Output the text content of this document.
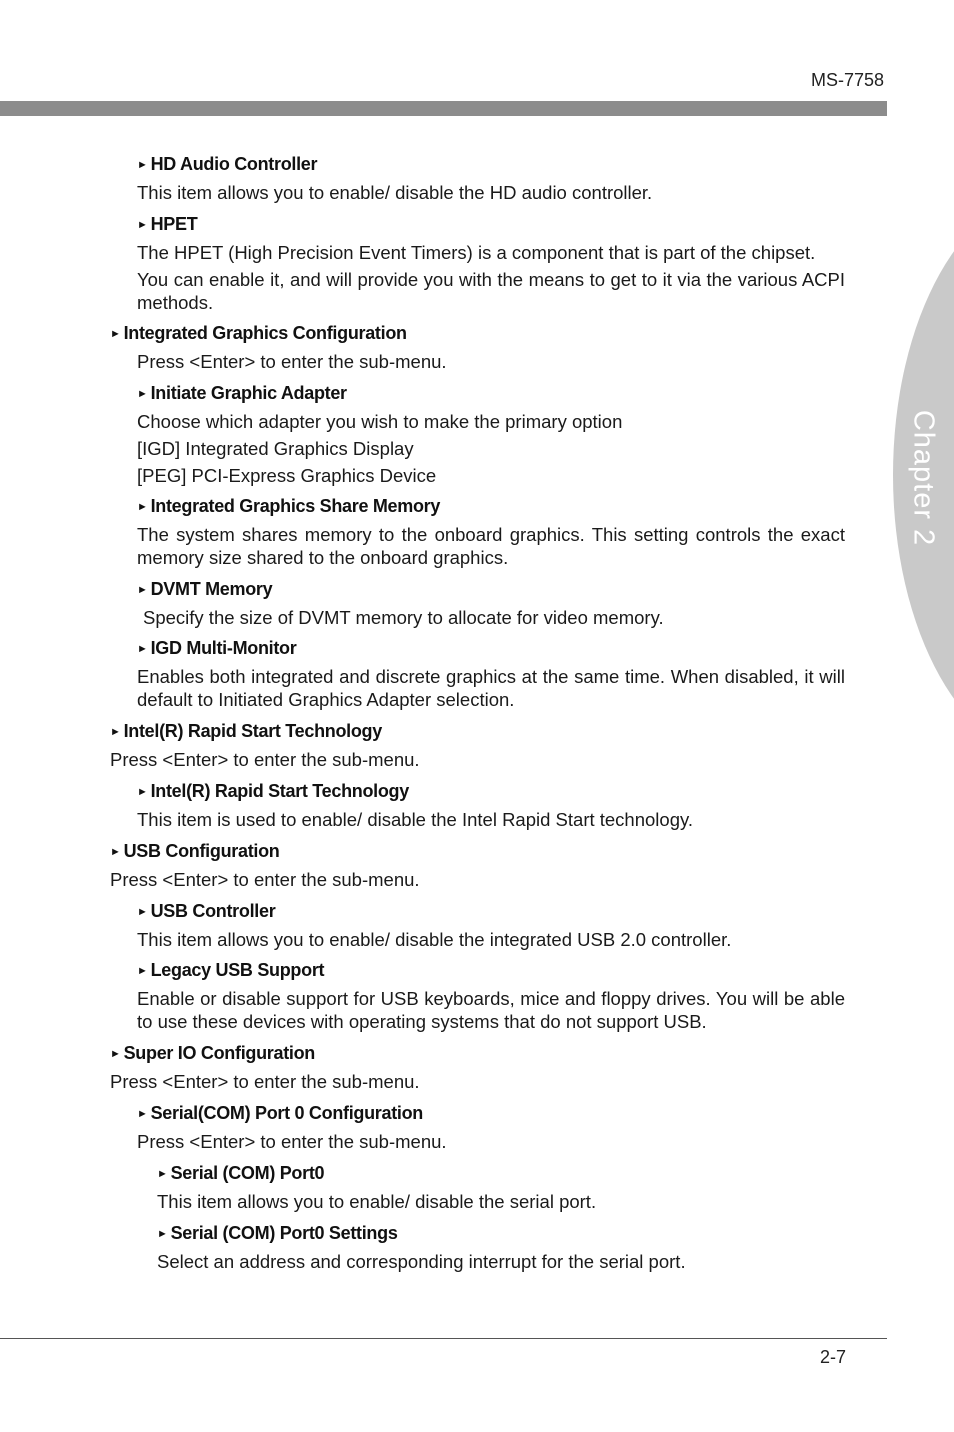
MS-7758
Chapter 2
► HD Audio Controller
This item allows you to enable/ disable the HD audio controller.
► HPET
The HPET (High Precision Event Timers) is a component that is part of the chipset.
You can enable it, and will provide you with the means to get to it via the various ACPI methods.
► Integrated Graphics Configuration
Press <Enter> to enter the sub-menu.
► Initiate Graphic Adapter
Choose which adapter you wish to make the primary option
[IGD] Integrated Graphics Display
[PEG] PCI-Express Graphics Device
► Integrated Graphics Share Memory
The system shares memory to the onboard graphics. This setting controls the exact memory size shared to the onboard graphics.
► DVMT Memory
Specify the size of DVMT memory to allocate for video memory.
► IGD Multi-Monitor
Enables both integrated and discrete graphics at the same time. When disabled, it will default to Initiated Graphics Adapter selection.
► Intel(R) Rapid Start Technology
Press <Enter> to enter the sub-menu.
► Intel(R) Rapid Start Technology
This item is used to enable/ disable the Intel Rapid Start technology.
► USB Configuration
Press <Enter> to enter the sub-menu.
► USB Controller
This item allows you to enable/ disable the integrated USB 2.0 controller.
► Legacy USB Support
Enable or disable support for USB keyboards, mice and floppy drives. You will be able to use these devices with operating systems that do not support USB.
► Super IO Configuration
Press <Enter> to enter the sub-menu.
► Serial(COM) Port 0 Configuration
Press <Enter> to enter the sub-menu.
► Serial (COM) Port0
This item allows you to enable/ disable the serial port.
► Serial (COM) Port0 Settings
Select an address and corresponding interrupt for the serial port.
2-7
